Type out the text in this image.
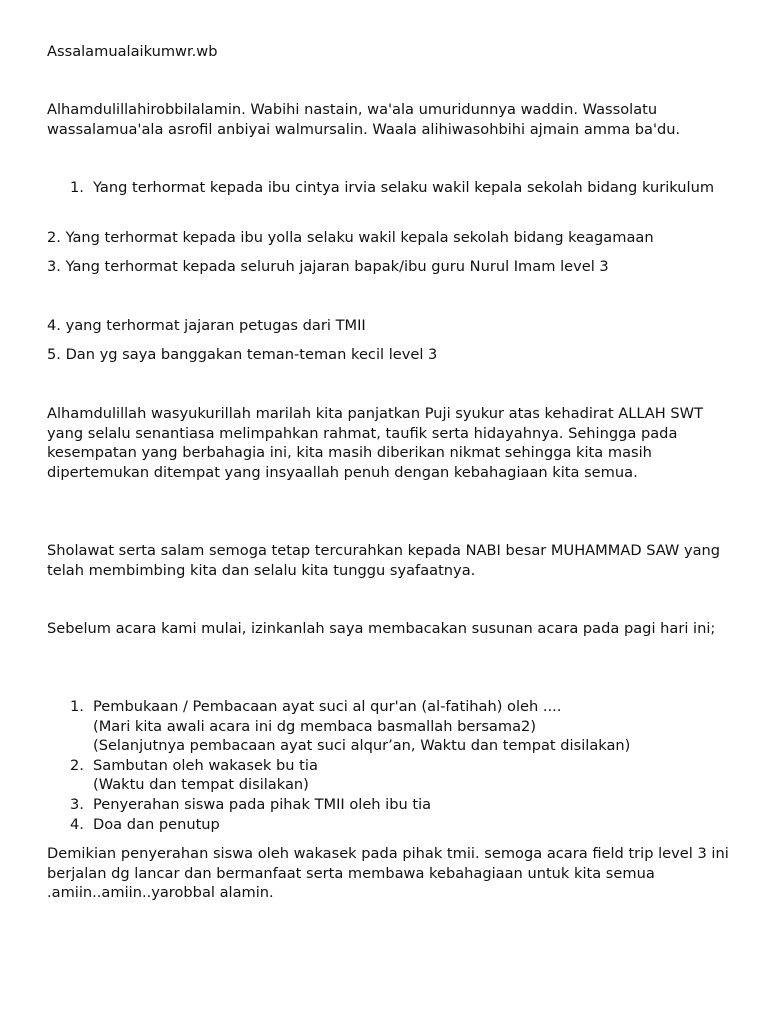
Assalamualaikumwr.wb

Alhamdulillahirobbilalamin. Wabihi nastain, wa'ala umuridunnya waddin. Wassolatu wassalamua'ala asrofil anbiyai walmursalin. Waala alihiwasohbihi ajmain amma ba'du.

1. Yang terhormat kepada ibu cintya irvia selaku wakil kepala sekolah bidang kurikulum

2. Yang terhormat kepada ibu yolla selaku wakil kepala sekolah bidang keagamaan

3. Yang terhormat kepada seluruh jajaran bapak/ibu guru Nurul Imam level 3

4. yang terhormat jajaran petugas dari TMII

5. Dan yg saya banggakan teman-teman kecil level 3

Alhamdulillah wasyukurillah marilah kita panjatkan Puji syukur atas kehadirat ALLAH SWT yang selalu senantiasa melimpahkan rahmat, taufik serta hidayahnya. Sehingga pada kesempatan yang berbahagia ini, kita masih diberikan nikmat sehingga kita masih dipertemukan ditempat yang insyaallah penuh dengan kebahagiaan kita semua.

Sholawat serta salam semoga tetap tercurahkan kepada NABI besar MUHAMMAD SAW yang telah membimbing kita dan selalu kita tunggu syafaatnya.

Sebelum acara kami mulai, izinkanlah saya membacakan susunan acara pada pagi hari ini;

1. Pembukaan / Pembacaan ayat suci al qur'an (al-fatihah) oleh ....
(Mari kita awali acara ini dg membaca basmallah bersama2)
(Selanjutnya pembacaan ayat suci alqur’an, Waktu dan tempat disilakan)
2. Sambutan oleh wakasek bu tia
(Waktu dan tempat disilakan)
3. Penyerahan siswa pada pihak TMII oleh ibu tia
4. Doa dan penutup

Demikian penyerahan siswa oleh wakasek pada pihak tmii. semoga acara field trip level 3 ini berjalan dg lancar dan bermanfaat serta membawa kebahagiaan untuk kita semua .amiin..amiin..yarobbal alamin.
